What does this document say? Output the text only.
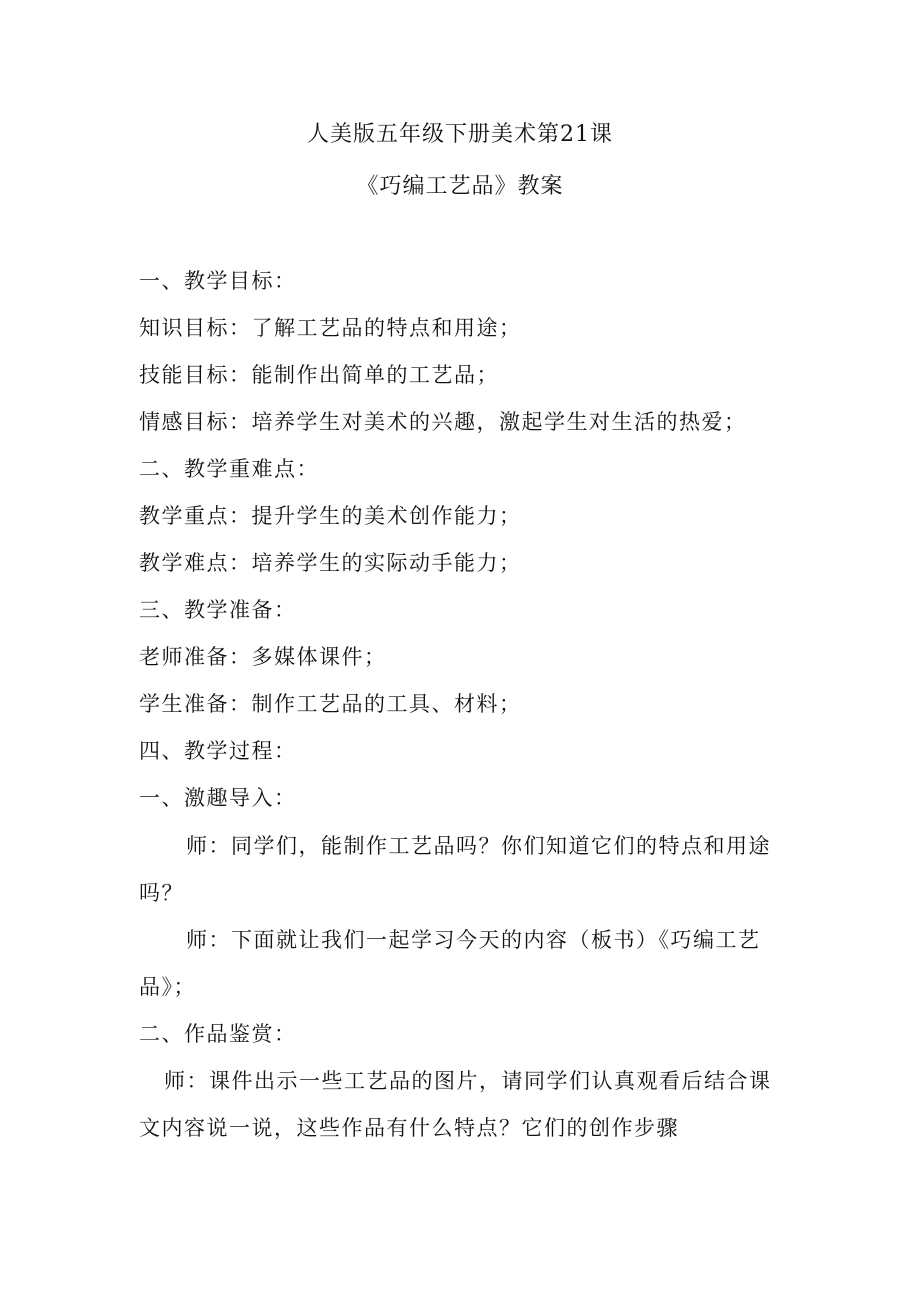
人美版五年级下册美术第21课
《巧编工艺品》教案
一、教学目标：
知识目标：了解工艺品的特点和用途；
技能目标：能制作出简单的工艺品；
情感目标：培养学生对美术的兴趣，激起学生对生活的热爱；
二、教学重难点：
教学重点：提升学生的美术创作能力；
教学难点：培养学生的实际动手能力；
三、教学准备：
老师准备：多媒体课件；
学生准备：制作工艺品的工具、材料；
四、教学过程：
一、激趣导入：
师：同学们，能制作工艺品吗？你们知道它们的特点和用途
吗？
师：下面就让我们一起学习今天的内容（板书）《巧编工艺
品》；
二、作品鉴赏：
师：课件出示一些工艺品的图片，请同学们认真观看后结合课
文内容说一说，这些作品有什么特点？它们的创作步骤
